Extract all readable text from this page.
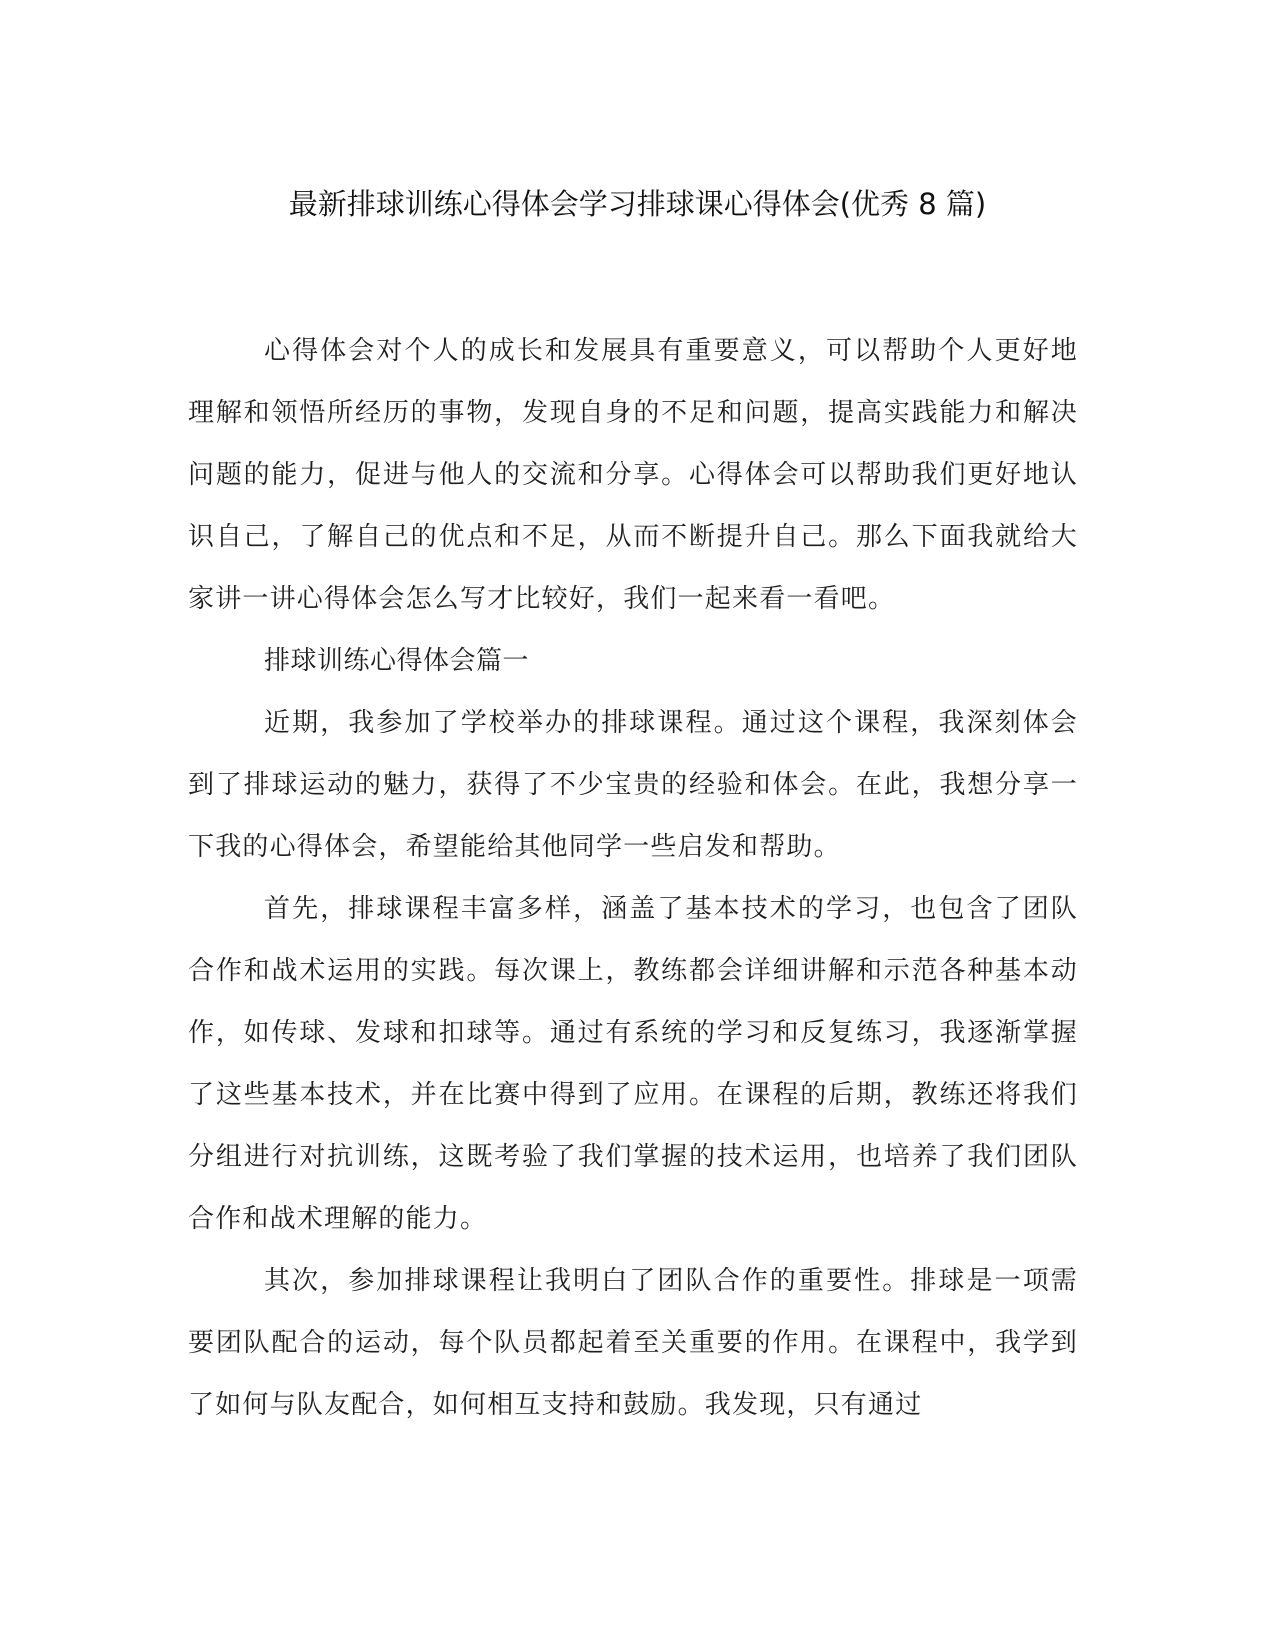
最新排球训练心得体会学习排球课心得体会(优秀 8 篇)

心得体会对个人的成长和发展具有重要意义，可以帮助个人更好地理解和领悟所经历的事物，发现自身的不足和问题，提高实践能力和解决问题的能力，促进与他人的交流和分享。心得体会可以帮助我们更好地认识自己，了解自己的优点和不足，从而不断提升自己。那么下面我就给大家讲一讲心得体会怎么写才比较好，我们一起来看一看吧。

排球训练心得体会篇一

近期，我参加了学校举办的排球课程。通过这个课程，我深刻体会到了排球运动的魅力，获得了不少宝贵的经验和体会。在此，我想分享一下我的心得体会，希望能给其他同学一些启发和帮助。

首先，排球课程丰富多样，涵盖了基本技术的学习，也包含了团队合作和战术运用的实践。每次课上，教练都会详细讲解和示范各种基本动作，如传球、发球和扣球等。通过有系统的学习和反复练习，我逐渐掌握了这些基本技术，并在比赛中得到了应用。在课程的后期，教练还将我们分组进行对抗训练，这既考验了我们掌握的技术运用，也培养了我们团队合作和战术理解的能力。

其次，参加排球课程让我明白了团队合作的重要性。排球是一项需要团队配合的运动，每个队员都起着至关重要的作用。在课程中，我学到了如何与队友配合，如何相互支持和鼓励。我发现，只有通过
